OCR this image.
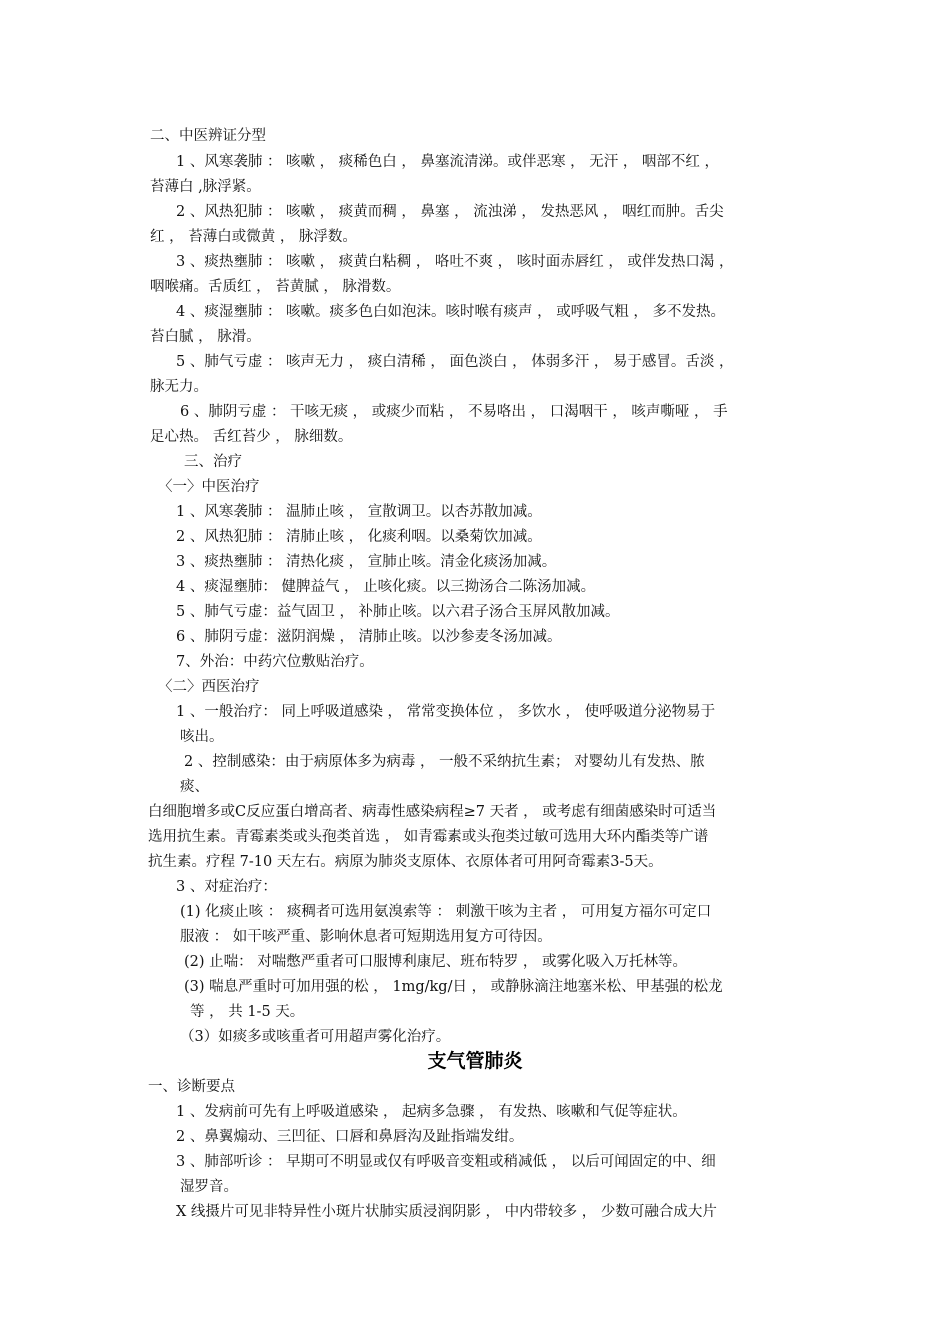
二、中医辨证分型
1 、风寒袭肺 ： 咳嗽 ， 痰稀色白 ， 鼻塞流清涕。或伴恶寒 ， 无汗 ， 咽部不红 ，
苔薄白 ,脉浮紧。
2 、风热犯肺 ： 咳嗽 ， 痰黄而稠 ， 鼻塞 ， 流浊涕 ， 发热恶风 ， 咽红而肿。舌尖
红 ， 苔薄白或微黄 ， 脉浮数。
3 、痰热壅肺 ： 咳嗽 ， 痰黄白粘稠 ， 咯吐不爽 ， 咳时面赤唇红 ， 或伴发热口渴 ，
咽喉痛。舌质红 ， 苔黄腻 ， 脉滑数。
4 、痰湿壅肺 ： 咳嗽。痰多色白如泡沫。咳时喉有痰声 ， 或呼吸气粗 ， 多不发热。
苔白腻 ， 脉滑。
5 、肺气亏虚 ： 咳声无力 ， 痰白清稀 ， 面色淡白 ， 体弱多汗 ， 易于感冒。舌淡 ，
脉无力。
6 、肺阴亏虚 ： 干咳无痰 ， 或痰少而粘 ， 不易咯出 ， 口渴咽干 ， 咳声嘶哑 ， 手
足心热。 舌红苔少 ， 脉细数。
三、治疗
〈一〉中医治疗
1 、风寒袭肺 ： 温肺止咳 ， 宣散调卫。以杏苏散加减。
2 、风热犯肺 ： 清肺止咳 ， 化痰利咽。以桑菊饮加减。
3 、痰热壅肺 ： 清热化痰 ， 宣肺止咳。清金化痰汤加减。
4 、痰湿壅肺： 健脾益气 ， 止咳化痰。以三拗汤合二陈汤加减。
5 、肺气亏虚：益气固卫 ， 补肺止咳。以六君子汤合玉屏风散加减。
6 、肺阴亏虚：滋阴润燥 ， 清肺止咳。以沙参麦冬汤加减。
7、外治：中药穴位敷贴治疗。
〈二〉西医治疗
1 、一般治疗： 同上呼吸道感染 ， 常常变换体位 ， 多饮水 ， 使呼吸道分泌物易于
咳出。
2 、控制感染：由于病原体多为病毒 ， 一般不采纳抗生素； 对婴幼儿有发热、脓
痰、
白细胞增多或C反应蛋白增高者、病毒性感染病程≥7 天者 ， 或考虑有细菌感染时可适当
选用抗生素。青霉素类或头孢类首选 ， 如青霉素或头孢类过敏可选用大环内酯类等广谱
抗生素。疗程 7-10 天左右。病原为肺炎支原体、衣原体者可用阿奇霉素3-5天。
3 、对症治疗：
(1) 化痰止咳 ： 痰稠者可选用氨溴索等 ： 刺激干咳为主者 ， 可用复方福尔可定口
服液 ： 如干咳严重、影响休息者可短期选用复方可待因。
(2) 止喘： 对喘憋严重者可口服博利康尼、班布特罗 ， 或雾化吸入万托林等。
(3) 喘息严重时可加用强的松 ， 1mg/kg/日 ， 或静脉滴注地塞米松、甲基强的松龙
等 ， 共 1-5 天。
（3）如痰多或咳重者可用超声雾化治疗。
支气管肺炎
一、诊断要点
1 、发病前可先有上呼吸道感染 ， 起病多急骤 ， 有发热、咳嗽和气促等症状。
2 、鼻翼煽动、三凹征、口唇和鼻唇沟及趾指端发绀。
3 、肺部听诊 ： 早期可不明显或仅有呼吸音变粗或稍减低 ， 以后可闻固定的中、细
湿罗音。
X 线摄片可见非特异性小斑片状肺实质浸润阴影 ， 中内带较多 ， 少数可融合成大片
